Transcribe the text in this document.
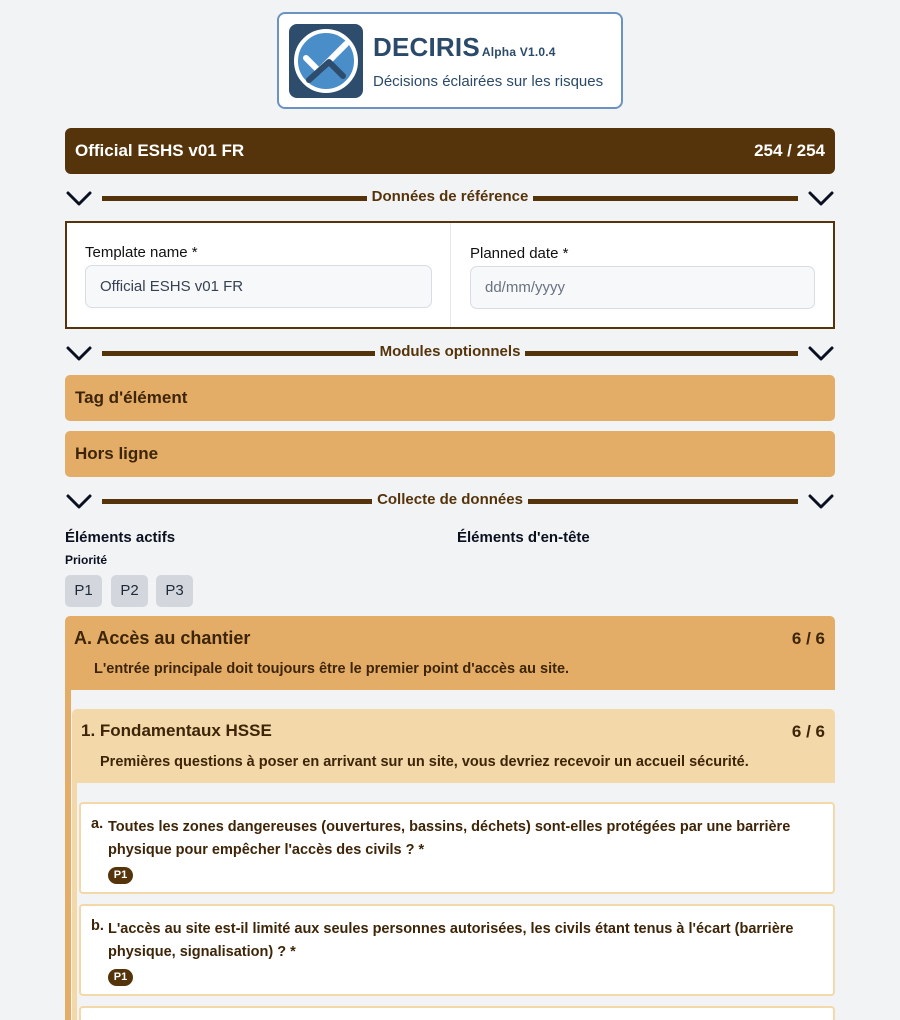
DECIRIS Alpha V1.0.4
Décisions éclairées sur les risques
Official ESHS v01 FR	254 / 254
Données de référence
Template name *
Official ESHS v01 FR	Planned date *
dd/mm/yyyy
Modules optionnels
Tag d'élément
Hors ligne
Collecte de données
Éléments actifs	Éléments d'en-tête
Priorité
P1	P2	P3
A. Accès au chantier	6 / 6
L'entrée principale doit toujours être le premier point d'accès au site.
1. Fondamentaux HSSE	6 / 6
Premières questions à poser en arrivant sur un site, vous devriez recevoir un accueil sécurité.
a. Toutes les zones dangereuses (ouvertures, bassins, déchets) sont-elles protégées par une barrière physique pour empêcher l'accès des civils ? *
P1
b. L'accès au site est-il limité aux seules personnes autorisées, les civils étant tenus à l'écart (barrière physique, signalisation) ? *
P1
